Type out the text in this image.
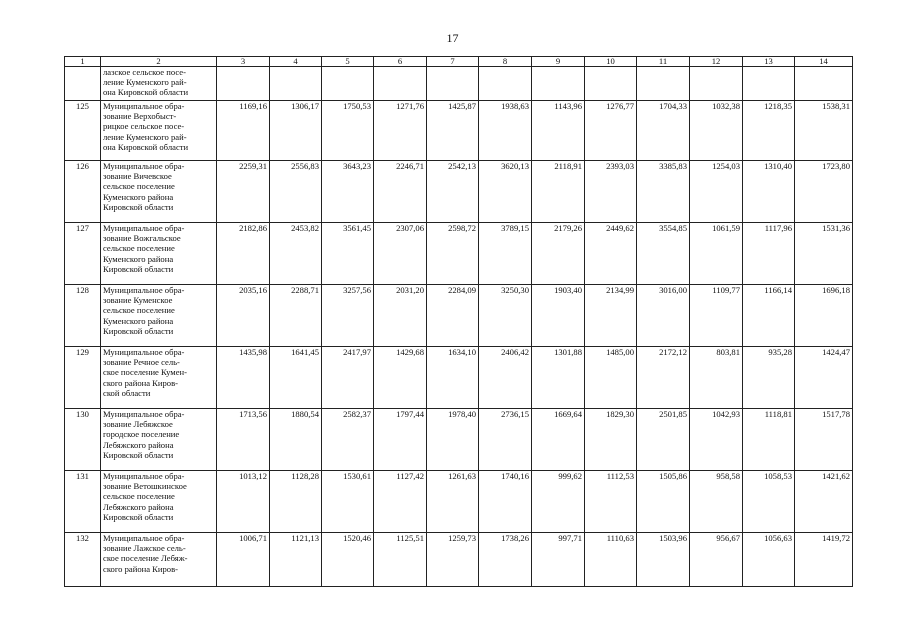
17
1	2	3	4	5	6	7	8	9	10	11	12	13	14

	лазское сельское посе-
ление Куменского рай-
она Кировской области												

125	Муниципальное обра-
зование Верхобыст-
рицкое сельское посе-
ление Куменского рай-
она Кировской области	1169,16	1306,17	1750,53	1271,76	1425,87	1938,63	1143,96	1276,77	1704,33	1032,38	1218,35	1538,31
126	Муниципальное обра-
зование Вичевское
сельское поселение
Куменского района
Кировской области	2259,31	2556,83	3643,23	2246,71	2542,13	3620,13	2118,91	2393,03	3385,83	1254,03	1310,40	1723,80
127	Муниципальное обра-
зование Вожгальское
сельское поселение
Куменского района
Кировской области	2182,86	2453,82	3561,45	2307,06	2598,72	3789,15	2179,26	2449,62	3554,85	1061,59	1117,96	1531,36
128	Муниципальное обра-
зование Куменское
сельское поселение
Куменского района
Кировской области	2035,16	2288,71	3257,56	2031,20	2284,09	3250,30	1903,40	2134,99	3016,00	1109,77	1166,14	1696,18
129	Муниципальное обра-
зование Речное сель-
ское поселение Кумен-
ского района Киров-
ской области	1435,98	1641,45	2417,97	1429,68	1634,10	2406,42	1301,88	1485,00	2172,12	803,81	935,28	1424,47
130	Муниципальное обра-
зование Лебяжское
городское поселение
Лебяжского района
Кировской области	1713,56	1880,54	2582,37	1797,44	1978,40	2736,15	1669,64	1829,30	2501,85	1042,93	1118,81	1517,78
131	Муниципальное обра-
зование Ветошкинское
сельское поселение
Лебяжского района
Кировской области	1013,12	1128,28	1530,61	1127,42	1261,63	1740,16	999,62	1112,53	1505,86	958,58	1058,53	1421,62
132	Муниципальное обра-
зование Лажское сель-
ское поселение Лебяж-
ского района Киров-	1006,71	1121,13	1520,46	1125,51	1259,73	1738,26	997,71	1110,63	1503,96	956,67	1056,63	1419,72
